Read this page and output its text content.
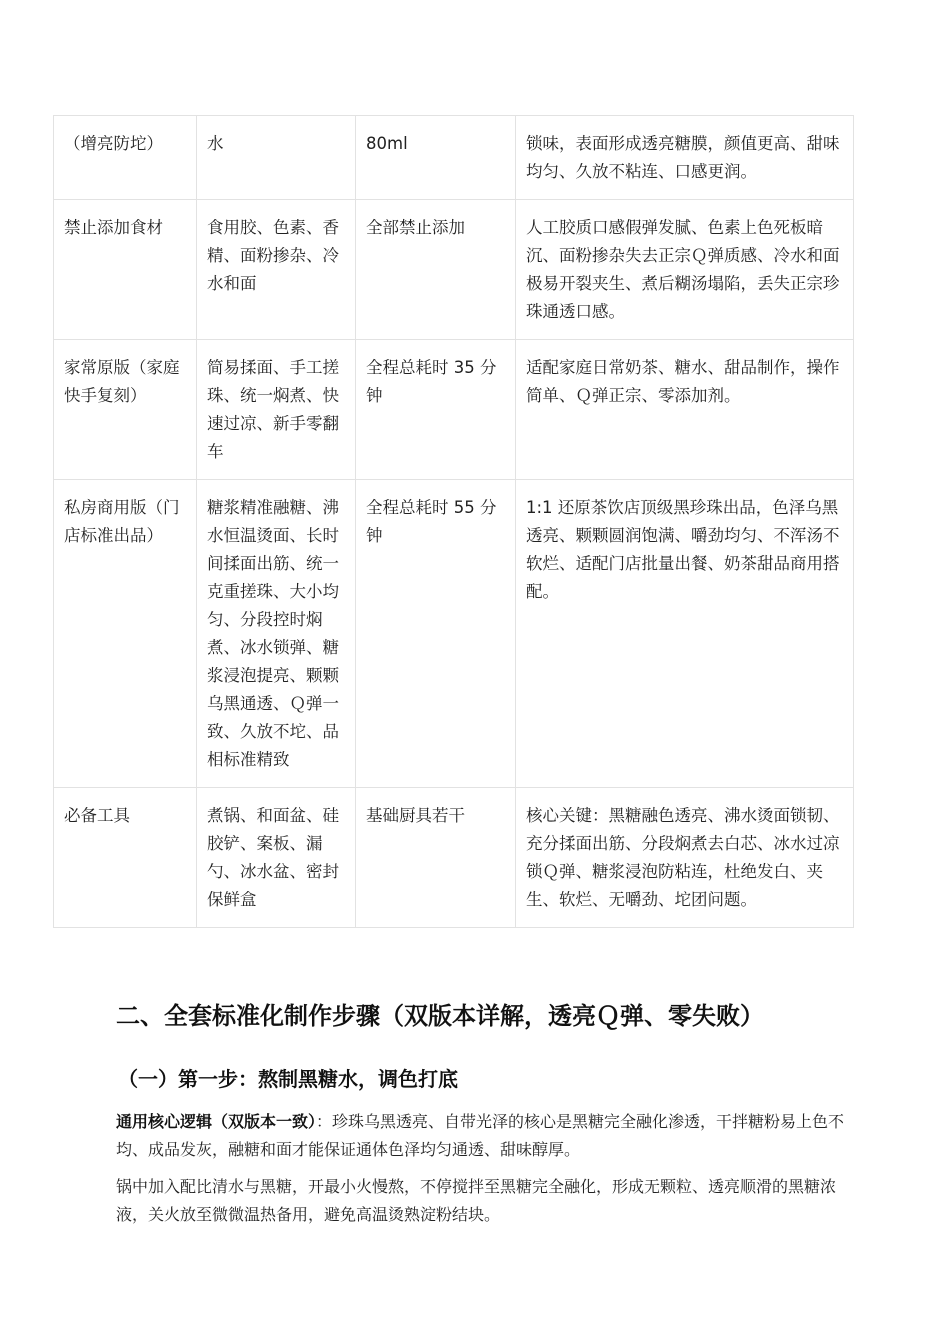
（增亮防坨）	水	80ml	锁味，表面形成透亮糖膜，颜值更高、甜味均匀、久放不粘连、口感更润。
禁止添加食材	食用胶、色素、香精、面粉掺杂、冷水和面	全部禁止添加	人工胶质口感假弹发腻、色素上色死板暗沉、面粉掺杂失去正宗Ｑ弹质感、冷水和面极易开裂夹生、煮后糊汤塌陷，丢失正宗珍珠通透口感。
家常原版（家庭快手复刻）	简易揉面、手工搓珠、统一焖煮、快速过凉、新手零翻车	全程总耗时 35 分钟	适配家庭日常奶茶、糖水、甜品制作，操作简单、Ｑ弹正宗、零添加剂。
私房商用版（门店标准出品）	糖浆精准融糖、沸水恒温烫面、长时间揉面出筋、统一克重搓珠、大小均匀、分段控时焖煮、冰水锁弹、糖浆浸泡提亮、颗颗乌黑通透、Ｑ弹一致、久放不坨、品相标准精致	全程总耗时 55 分钟	1:1 还原茶饮店顶级黑珍珠出品，色泽乌黑透亮、颗颗圆润饱满、嚼劲均匀、不浑汤不软烂、适配门店批量出餐、奶茶甜品商用搭配。
必备工具	煮锅、和面盆、硅胶铲、案板、漏勺、冰水盆、密封保鲜盒	基础厨具若干	核心关键：黑糖融色透亮、沸水烫面锁韧、充分揉面出筋、分段焖煮去白芯、冰水过凉锁Ｑ弹、糖浆浸泡防粘连，杜绝发白、夹生、软烂、无嚼劲、坨团问题。
二、全套标准化制作步骤（双版本详解，透亮Ｑ弹、零失败）
（一）第一步：熬制黑糖水，调色打底

通用核心逻辑（双版本一致）：珍珠乌黑透亮、自带光泽的核心是黑糖完全融化渗透，干拌糖粉易上色不均、成品发灰，融糖和面才能保证通体色泽均匀通透、甜味醇厚。

锅中加入配比清水与黑糖，开最小火慢熬，不停搅拌至黑糖完全融化，形成无颗粒、透亮顺滑的黑糖浓液，关火放至微微温热备用，避免高温烫熟淀粉结块。
